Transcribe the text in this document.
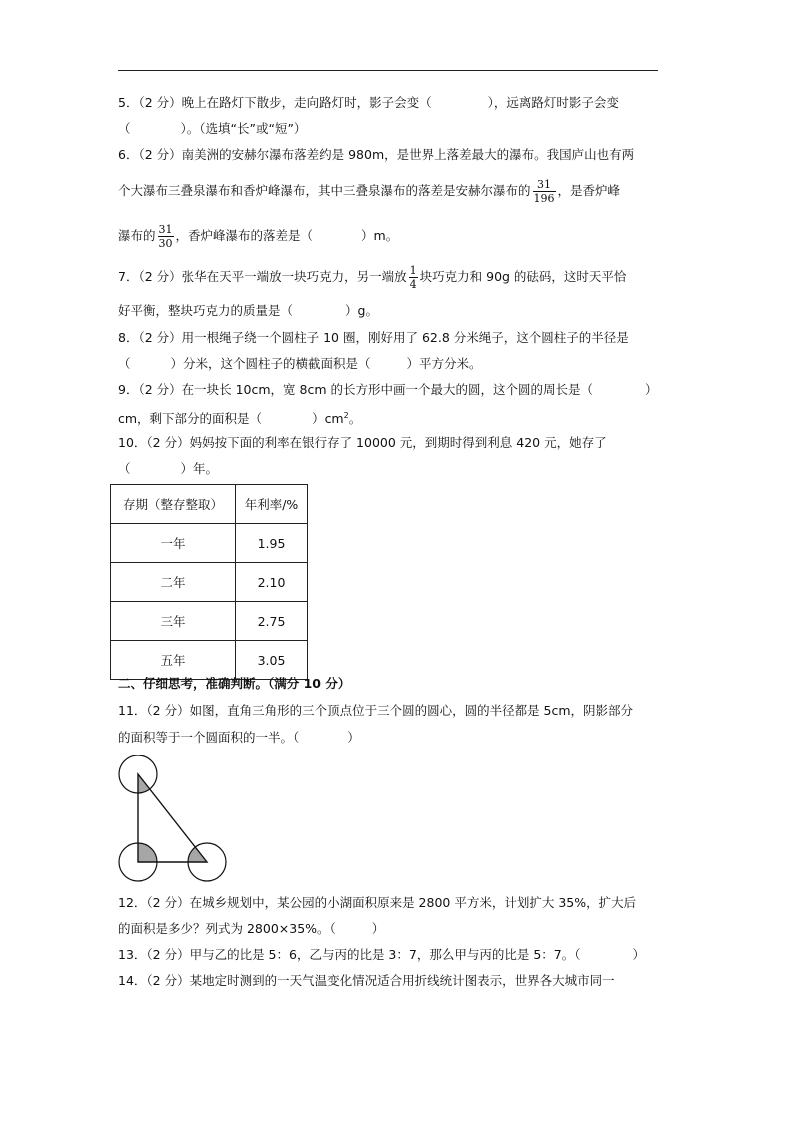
5．（2 分）晚上在路灯下散步，走向路灯时，影子会变（	），远离路灯时影子会变
（	）。（选填“长”或“短”）
6．（2 分）南美洲的安赫尔瀑布落差约是 980m，是世界上落差最大的瀑布。我国庐山也有两
个大瀑布三叠泉瀑布和香炉峰瀑布，其中三叠泉瀑布的落差是安赫尔瀑布的 $\frac{31}{196}$ ，是香炉峰
瀑布的 $\frac{31}{30}$ ，香炉峰瀑布的落差是（	）m。
7．（2 分）张华在天平一端放一块巧克力，另一端放 $\frac{1}{4}$ 块巧克力和 90g 的砝码，这时天平恰
好平衡，整块巧克力的质量是（	）g。
8．（2 分）用一根绳子绕一个圆柱子 10 圈，刚好用了 62.8 分米绳子，这个圆柱子的半径是
（	）分米，这个圆柱子的横截面积是（	）平方分米。
9．（2 分）在一块长 10cm，宽 8cm 的长方形中画一个最大的圆，这个圆的周长是（	）
cm，剩下部分的面积是（	）$cm^2$。
10．（2 分）妈妈按下面的利率在银行存了 10000 元，到期时得到利息 420 元，她存了
（	）年。
存期（整存整取）	年利率/%
一年	1.95
二年	2.10
三年	2.75
五年	3.05
二、仔细思考，准确判断。（满分 10 分）
11．（2 分）如图，直角三角形的三个顶点位于三个圆的圆心，圆的半径都是 5cm，阴影部分
的面积等于一个圆面积的一半。（	）
12．（2 分）在城乡规划中，某公园的小湖面积原来是 2800 平方米，计划扩大 35%，扩大后
的面积是多少？列式为 2800×35%。（	）
13．（2 分）甲与乙的比是 5：6，乙与丙的比是 3：7，那么甲与丙的比是 5：7。（	）
14．（2 分）某地定时测到的一天气温变化情况适合用折线统计图表示，世界各大城市同一
